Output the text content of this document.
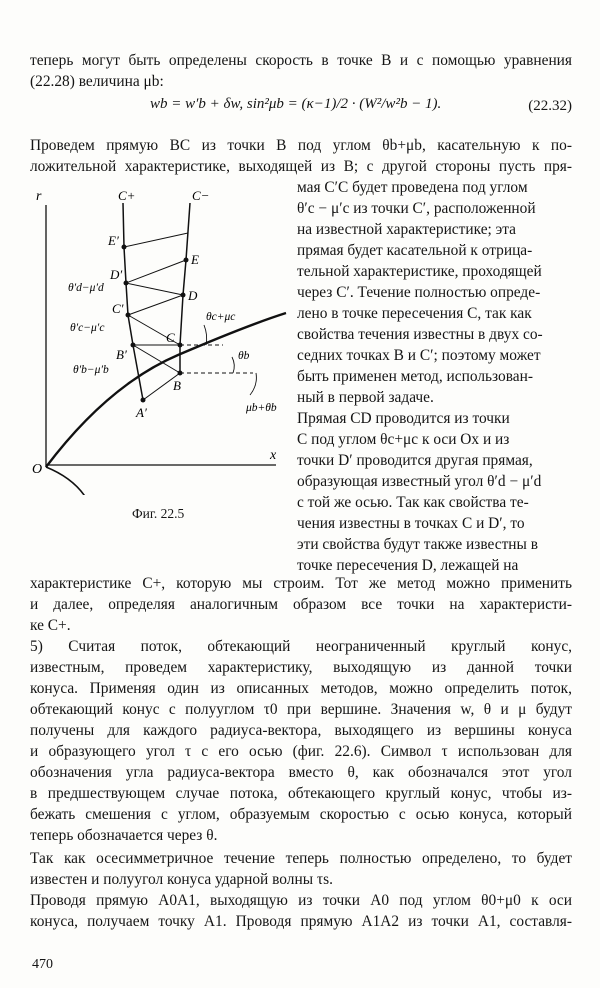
теперь могут быть определены скорость в точке B и с помощью уравнения
(22.28) величина μb:
wb = w′b + δw, sin²μb = (κ−1)/2 · (W²/w²b − 1).	(22.32)
Проведем прямую BC из точки B под углом θb+μb, касательную к по-
ложительной характеристике, выходящей из B; с другой стороны пусть пря-
мая C′C будет проведена под углом
θ′c − μ′c из точки C′, расположенной
на известной характеристике; эта
прямая будет касательной к отрица-
тельной характеристике, проходящей
через C′. Течение полностью опреде-
лено в точке пересечения C, так как
свойства течения известны в двух со-
седних точках B и C′; поэтому может
быть применен метод, использован-
ный в первой задаче.
Прямая CD проводится из точки
C под углом θc+μc к оси Ox и из
точки D′ проводится другая прямая,
образующая известный угол θ′d − μ′d
с той же осью. Так как свойства те-
чения известны в точках C и D′, то
эти свойства будут также известны в
точке пересечения D, лежащей на
r
x
O
C+	C−
E′
E
D′
D
C′
C
B′
B
A′
θ′d−μ′d
θ′c−μ′c
θ′b−μ′b
θc+μc
θb
μb+θb
Фиг. 22.5
характеристике C+, которую мы строим. Тот же метод можно применить
и далее, определяя аналогичным образом все точки на характеристи-
ке C+.
5) Считая поток, обтекающий неограниченный круглый конус,
известным, проведем характеристику, выходящую из данной точки
конуса. Применяя один из описанных методов, можно определить поток,
обтекающий конус с полууглом τ0 при вершине. Значения w, θ и μ будут
получены для каждого радиуса-вектора, выходящего из вершины конуса
и образующего угол τ с его осью (фиг. 22.6). Символ τ использован для
обозначения угла радиуса-вектора вместо θ, как обозначался этот угол
в предшествующем случае потока, обтекающего круглый конус, чтобы из-
бежать смешения с углом, образуемым скоростью с осью конуса, который
теперь обозначается через θ.
Так как осесимметричное течение теперь полностью определено, то будет
известен и полуугол конуса ударной волны τs.
Проводя прямую A0A1, выходящую из точки A0 под углом θ0+μ0 к оси
конуса, получаем точку A1. Проводя прямую A1A2 из точки A1, составля-
470
